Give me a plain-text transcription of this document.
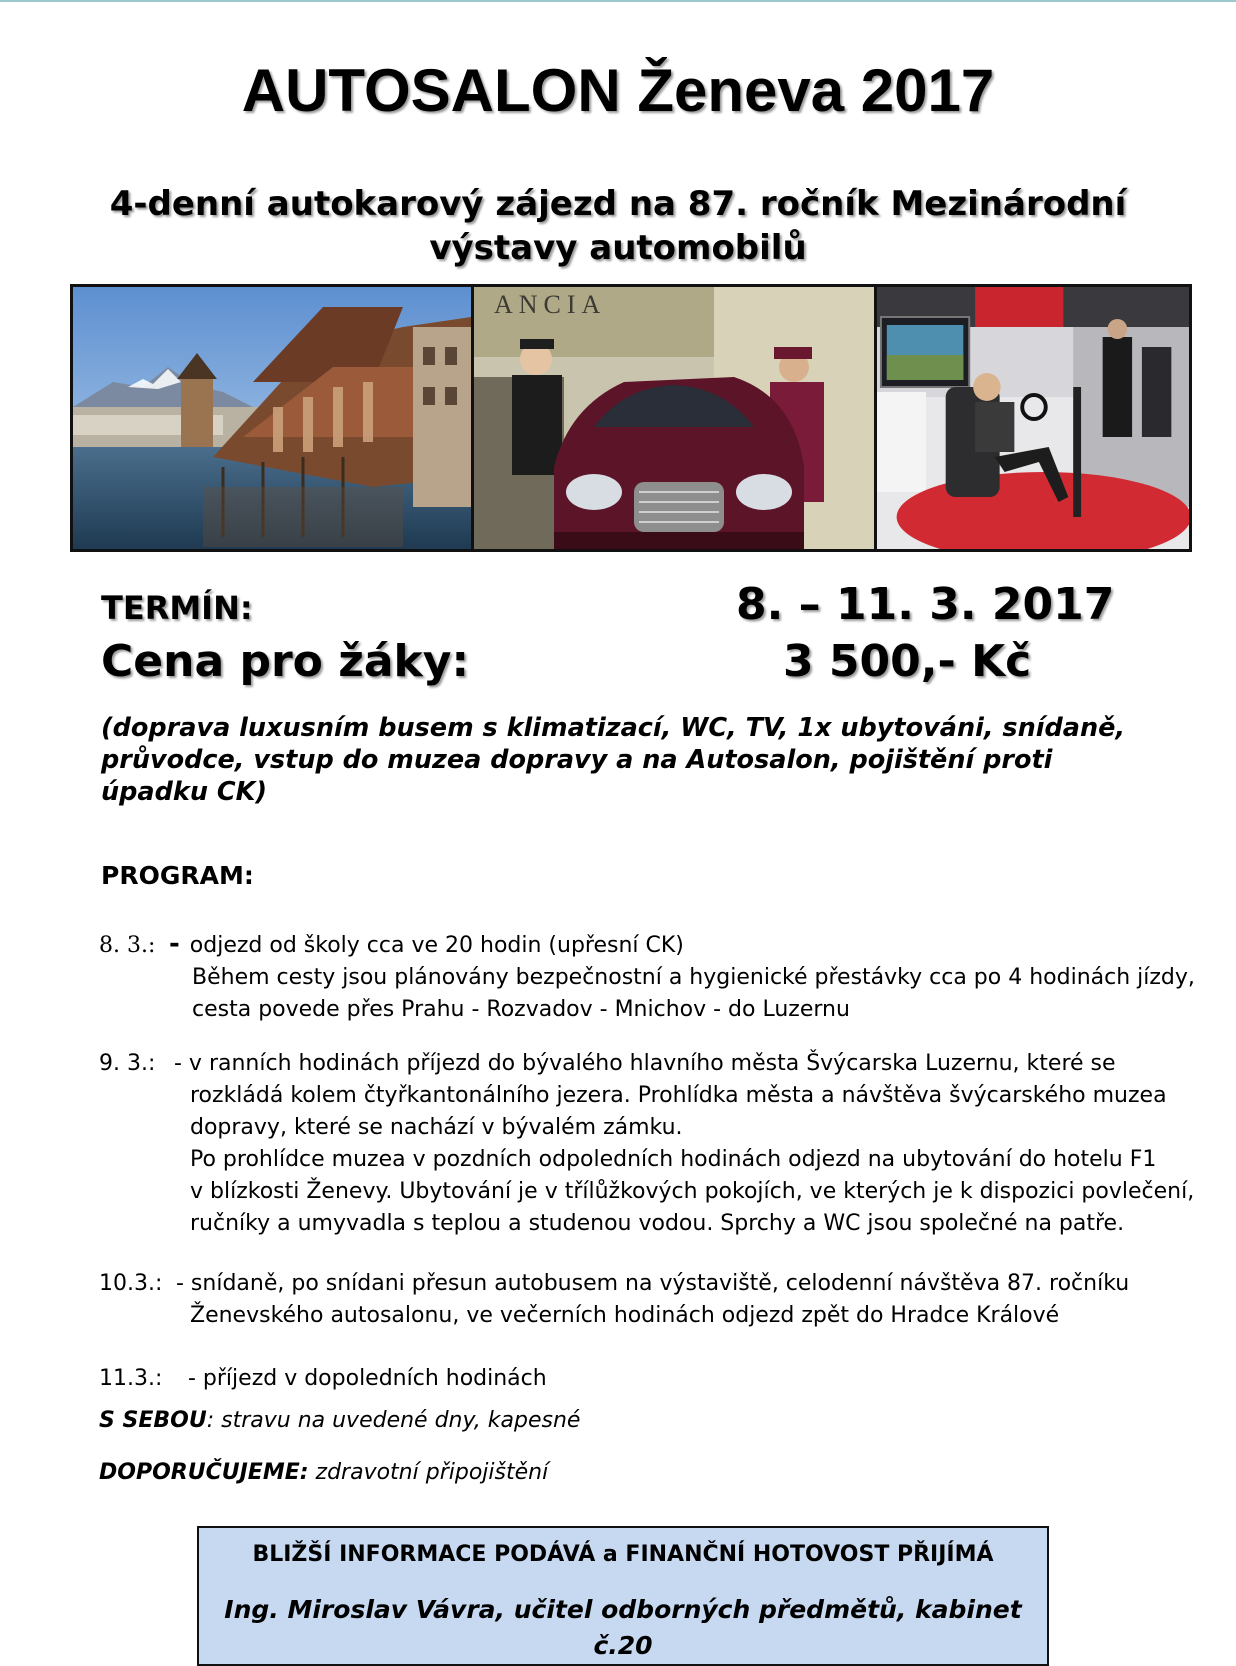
AUTOSALON Ženeva 2017
4-denní autokarový zájezd na 87. ročník Mezinárodní
výstavy automobilů
ANCIA
TERMÍN:	8. – 11. 3. 2017
Cena pro žáky:	3 500,- Kč
(doprava luxusním busem s klimatizací, WC, TV, 1x ubytováni, snídaně,
průvodce, vstup do muzea dopravy a na Autosalon, pojištění proti
úpadku CK)
PROGRAM:
8. 3.: - odjezd od školy cca ve 20 hodin (upřesní CK)
Během cesty jsou plánovány bezpečnostní a hygienické přestávky cca po 4 hodinách jízdy,
cesta povede přes Prahu - Rozvadov - Mnichov - do Luzernu
9. 3.: - v ranních hodinách příjezd do bývalého hlavního města Švýcarska Luzernu, které se
rozkládá kolem čtyřkantonálního jezera. Prohlídka města a návštěva švýcarského muzea
dopravy, které se nachází v bývalém zámku.
Po prohlídce muzea v pozdních odpoledních hodinách odjezd na ubytování do hotelu F1
v blízkosti Ženevy. Ubytování je v třílůžkových pokojích, ve kterých je k dispozici povlečení,
ručníky a umyvadla s teplou a studenou vodou. Sprchy a WC jsou společné na patře.
10.3.: - snídaně, po snídani přesun autobusem na výstaviště, celodenní návštěva 87. ročníku
Ženevského autosalonu, ve večerních hodinách odjezd zpět do Hradce Králové
11.3.: - příjezd v dopoledních hodinách
S SEBOU: stravu na uvedené dny, kapesné
DOPORUČUJEME: zdravotní připojištění
BLIŽŠÍ INFORMACE PODÁVÁ a FINANČNÍ HOTOVOST PŘIJÍMÁ
Ing. Miroslav Vávra, učitel odborných předmětů, kabinet č.20
